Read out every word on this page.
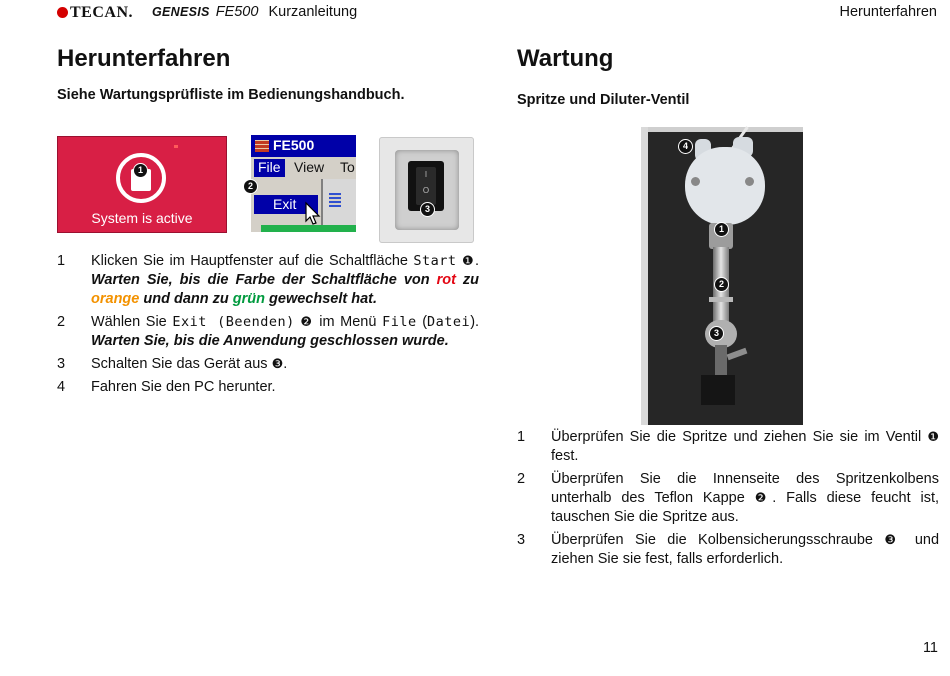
TECAN. GENESIS FE500 Kurzanleitung	Herunterfahren
Herunterfahren
Siehe Wartungsprüfliste im Bedienungshandbuch.
1
System is active
FE500
File View To
Exit
2
I
O
3
1 Klicken Sie im Hauptfenster auf die Schaltfläche Start ❶. Warten Sie, bis die Farbe der Schaltfläche von rot zu orange und dann zu grün gewechselt hat.
2 Wählen Sie Exit (Beenden) ❷ im Menü File (Datei). Warten Sie, bis die Anwendung geschlossen wurde.
3 Schalten Sie das Gerät aus ❸.
4 Fahren Sie den PC herunter.
Wartung
Spritze und Diluter-Ventil
4
1
2
3
1 Überprüfen Sie die Spritze und ziehen Sie sie im Ventil ❶ fest.
2 Überprüfen Sie die Innenseite des Spritzenkolbens unterhalb des Teflon Kappe ❷. Falls diese feucht ist, tauschen Sie die Spritze aus.
3 Überprüfen Sie die Kolbensicherungsschraube ❸ und ziehen Sie sie fest, falls erforderlich.
11
